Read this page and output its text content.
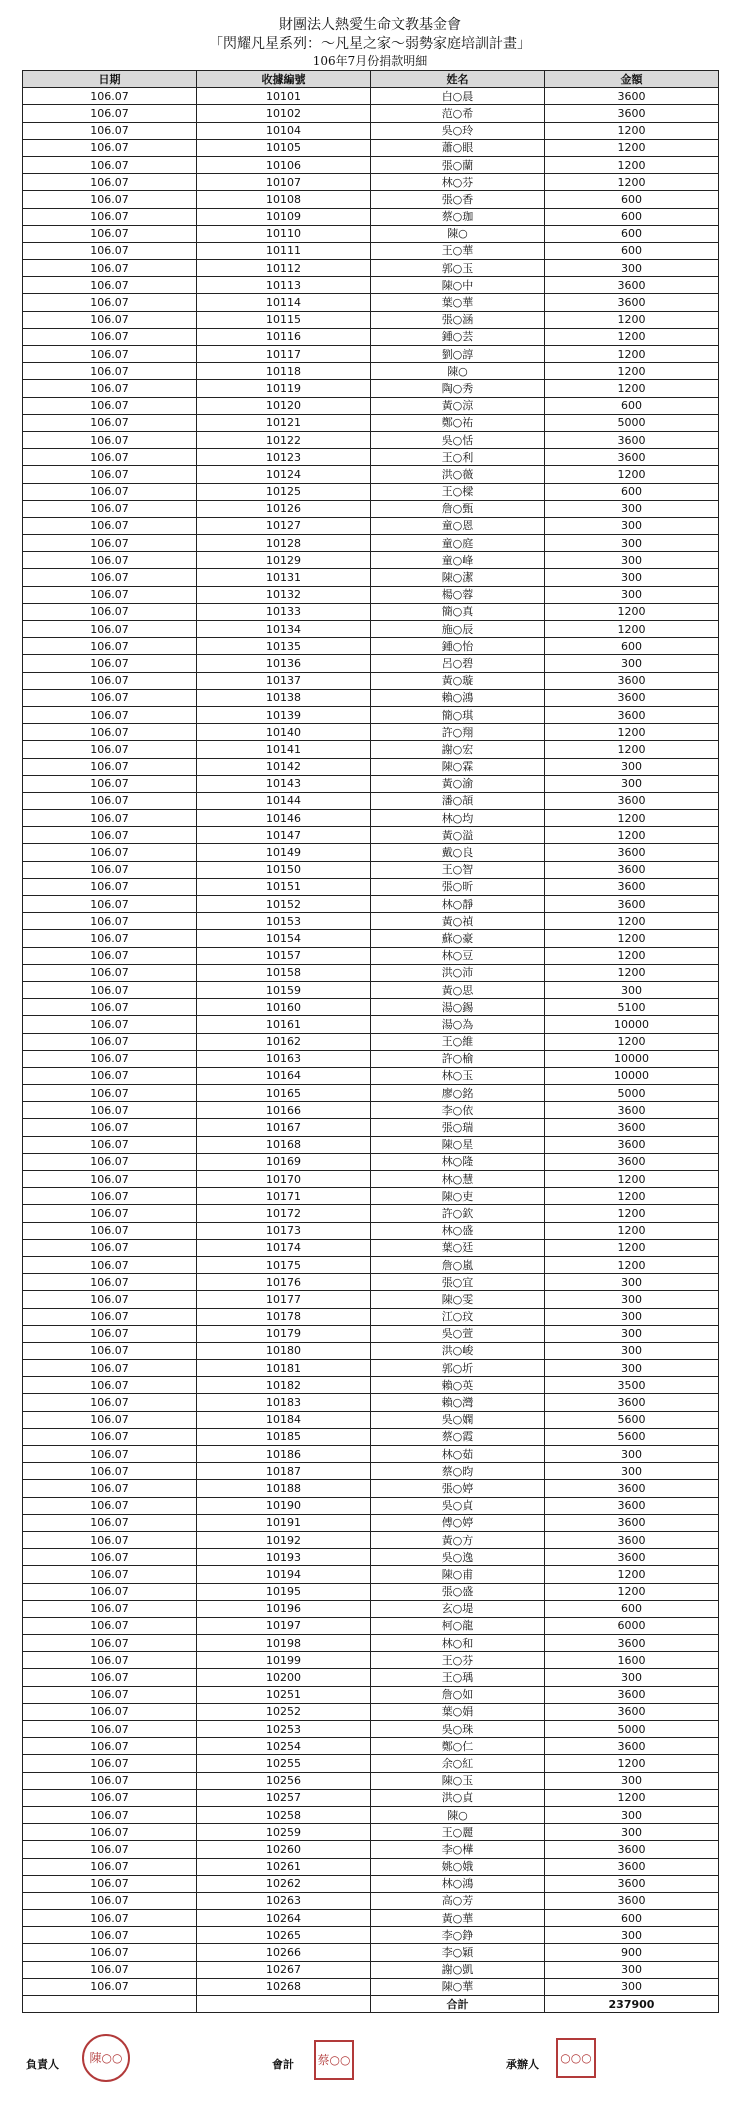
財團法人熱愛生命文教基金會
「閃耀凡星系列：～凡星之家～弱勢家庭培訓計畫」
106年7月份捐款明細
日期	收據編號	姓名	金額
106.07	10101	白○晨	3600
106.07	10102	范○希	3600
106.07	10104	吳○玲	1200
106.07	10105	蕭○眼	1200
106.07	10106	張○蘭	1200
106.07	10107	林○芬	1200
106.07	10108	張○香	600
106.07	10109	蔡○珈	600
106.07	10110	陳○	600
106.07	10111	王○華	600
106.07	10112	郭○玉	300
106.07	10113	陳○中	3600
106.07	10114	葉○華	3600
106.07	10115	張○涵	1200
106.07	10116	鍾○芸	1200
106.07	10117	劉○諄	1200
106.07	10118	陳○	1200
106.07	10119	陶○秀	1200
106.07	10120	黃○涼	600
106.07	10121	鄭○祐	5000
106.07	10122	吳○恬	3600
106.07	10123	王○利	3600
106.07	10124	洪○薇	1200
106.07	10125	王○樑	600
106.07	10126	詹○甄	300
106.07	10127	童○恩	300
106.07	10128	童○庭	300
106.07	10129	童○峰	300
106.07	10131	陳○潔	300
106.07	10132	楊○蓉	300
106.07	10133	簡○真	1200
106.07	10134	施○辰	1200
106.07	10135	鍾○怡	600
106.07	10136	呂○碧	300
106.07	10137	黃○璇	3600
106.07	10138	賴○鴻	3600
106.07	10139	簡○琪	3600
106.07	10140	許○翔	1200
106.07	10141	謝○宏	1200
106.07	10142	陳○霖	300
106.07	10143	黃○渝	300
106.07	10144	潘○頡	3600
106.07	10146	林○均	1200
106.07	10147	黃○溢	1200
106.07	10149	戴○良	3600
106.07	10150	王○智	3600
106.07	10151	張○昕	3600
106.07	10152	林○靜	3600
106.07	10153	黃○禎	1200
106.07	10154	蘇○豪	1200
106.07	10157	林○豆	1200
106.07	10158	洪○沛	1200
106.07	10159	黃○思	300
106.07	10160	湯○錫	5100
106.07	10161	湯○為	10000
106.07	10162	王○維	1200
106.07	10163	許○榆	10000
106.07	10164	林○玉	10000
106.07	10165	廖○銘	5000
106.07	10166	李○依	3600
106.07	10167	張○瑞	3600
106.07	10168	陳○星	3600
106.07	10169	林○隆	3600
106.07	10170	林○慧	1200
106.07	10171	陳○吏	1200
106.07	10172	許○欽	1200
106.07	10173	林○盛	1200
106.07	10174	葉○廷	1200
106.07	10175	詹○嵐	1200
106.07	10176	張○宜	300
106.07	10177	陳○雯	300
106.07	10178	江○玟	300
106.07	10179	吳○萱	300
106.07	10180	洪○峻	300
106.07	10181	郭○圻	300
106.07	10182	賴○英	3500
106.07	10183	賴○灣	3600
106.07	10184	吳○嫻	5600
106.07	10185	蔡○霞	5600
106.07	10186	林○茹	300
106.07	10187	蔡○昀	300
106.07	10188	張○婷	3600
106.07	10190	吳○貞	3600
106.07	10191	傅○婷	3600
106.07	10192	黃○方	3600
106.07	10193	吳○逸	3600
106.07	10194	陳○甫	1200
106.07	10195	張○盛	1200
106.07	10196	玄○堤	600
106.07	10197	柯○龍	6000
106.07	10198	林○和	3600
106.07	10199	王○芬	1600
106.07	10200	王○瑀	300
106.07	10251	詹○如	3600
106.07	10252	葉○娟	3600
106.07	10253	吳○珠	5000
106.07	10254	鄭○仁	3600
106.07	10255	余○紅	1200
106.07	10256	陳○玉	300
106.07	10257	洪○貞	1200
106.07	10258	陳○	300
106.07	10259	王○麗	300
106.07	10260	李○樺	3600
106.07	10261	姚○娥	3600
106.07	10262	林○鴻	3600
106.07	10263	高○芳	3600
106.07	10264	黃○華	600
106.07	10265	李○錚	300
106.07	10266	李○穎	900
106.07	10267	謝○凱	300
106.07	10268	陳○華	300
		合計	237900
負責人	陳○○	會計 蔡○○	承辦人 ○○○
